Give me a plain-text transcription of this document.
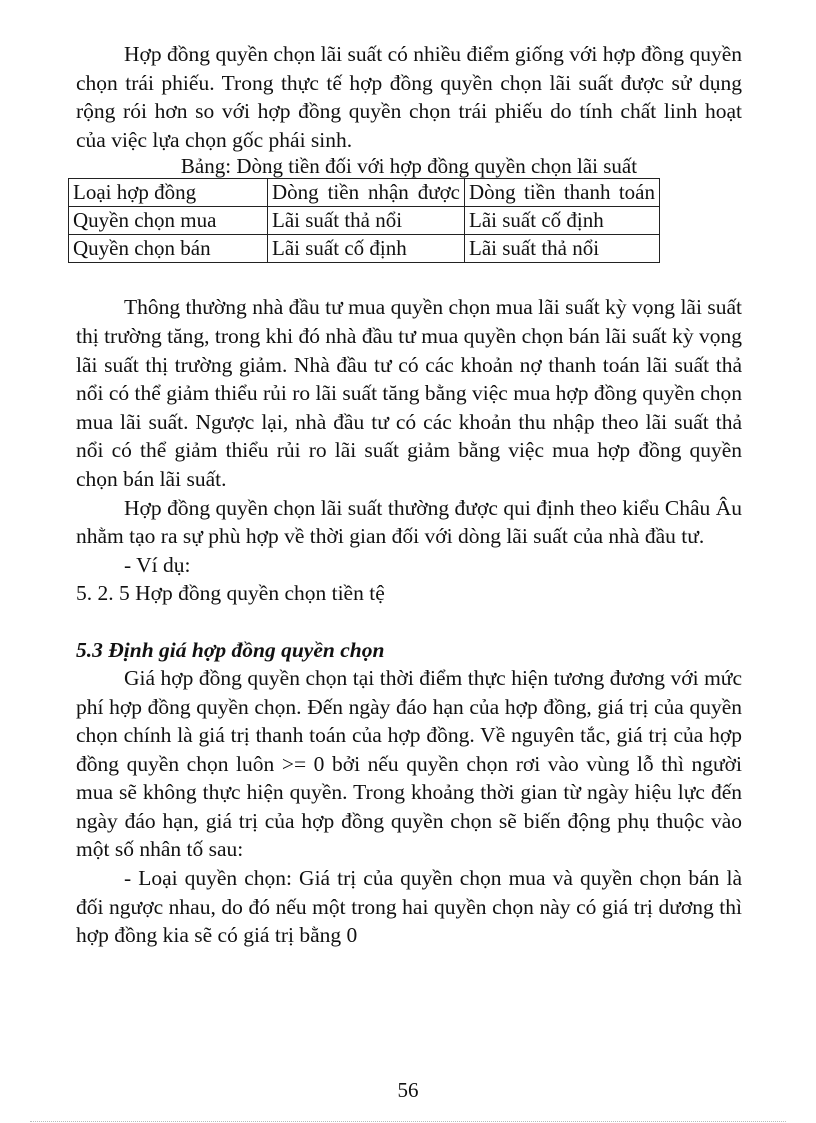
Hợp đồng quyền chọn lãi suất có nhiều điểm giống với hợp đồng quyền chọn trái phiếu. Trong thực tế hợp đồng quyền chọn lãi suất được sử dụng rộng rói hơn so với hợp đồng quyền chọn trái phiếu do tính chất linh hoạt của việc lựa chọn gốc phái sinh.

Bảng: Dòng tiền đối với hợp đồng quyền chọn lãi suất

Loại hợp đồng	Dòng tiền nhận được	Dòng tiền thanh toán

Quyền chọn mua	Lãi suất thả nổi	Lãi suất cố định
Quyền chọn bán	Lãi suất cố định	Lãi suất thả nổi

Thông thường nhà đầu tư mua quyền chọn mua lãi suất kỳ vọng lãi suất thị trường tăng, trong khi đó nhà đầu tư mua quyền chọn bán lãi suất kỳ vọng lãi suất thị trường giảm. Nhà đầu tư có các khoản nợ thanh toán lãi suất thả nổi có thể giảm thiểu rủi ro lãi suất tăng bằng việc mua hợp đồng quyền chọn mua lãi suất. Ngược lại, nhà đầu tư có các khoản thu nhập theo lãi suất thả nổi có thể giảm thiểu rủi ro lãi suất giảm bằng việc mua hợp đồng quyền chọn bán lãi suất.

Hợp đồng quyền chọn lãi suất thường được qui định theo kiểu Châu Âu nhằm tạo ra sự phù hợp về thời gian đối với dòng lãi suất của nhà đầu tư.

- Ví dụ:

5. 2. 5 Hợp đồng quyền chọn tiền tệ

5.3 Định giá hợp đồng quyền chọn

Giá hợp đồng quyền chọn tại thời điểm thực hiện tương đương với mức phí hợp đồng quyền chọn. Đến ngày đáo hạn của hợp đồng, giá trị của quyền chọn chính là giá trị thanh toán của hợp đồng. Về nguyên tắc, giá trị của hợp đồng quyền chọn luôn >= 0 bởi nếu quyền chọn rơi vào vùng lỗ thì người mua sẽ không thực hiện quyền. Trong khoảng thời gian từ ngày hiệu lực đến ngày đáo hạn, giá trị của hợp đồng quyền chọn sẽ biến động phụ thuộc vào một số nhân tố sau:

- Loại quyền chọn: Giá trị của quyền chọn mua và quyền chọn bán là đối ngược nhau, do đó nếu một trong hai quyền chọn này có giá trị dương thì hợp đồng kia sẽ có giá trị bằng 0

56
